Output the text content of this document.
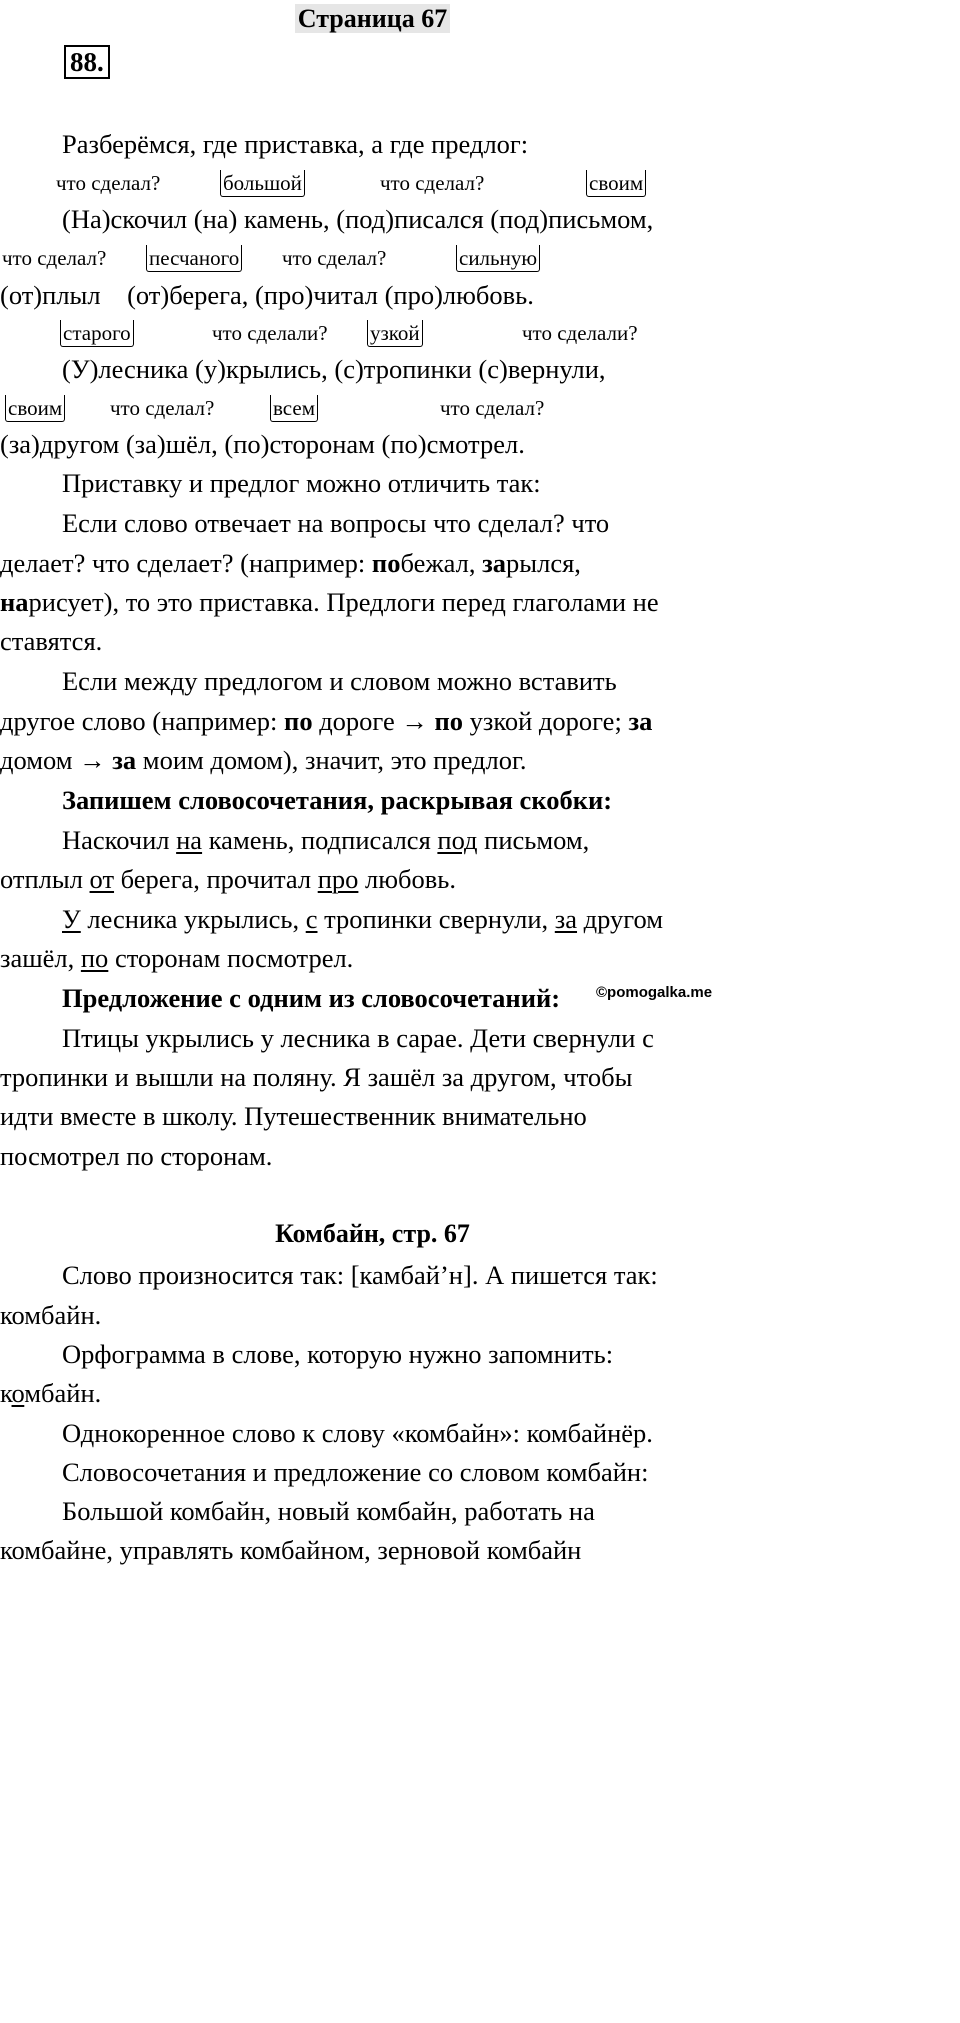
Страница 67
88.
Разберёмся, где приставка, а где предлог:
что сделал?	большой	что сделал?	своим
(На)скочил (на) камень, (под)писался (под)письмом,
что сделал? песчаного что сделал?	сильную
(от)плыл    (от)берега, (про)читал (про)любовь.
старого	что сделали? узкой	что сделали?
(У)лесника (у)крылись, (с)тропинки (с)вернули,
своим что сделал?	всем	что сделал?
(за)другом (за)шёл, (по)сторонам (по)смотрел.
Приставку и предлог можно отличить так:
Если слово отвечает на вопросы что сделал? что
делает? что сделает? (например: побежал, зарылся,
нарисует), то это приставка. Предлоги перед глаголами не
ставятся.
Если между предлогом и словом можно вставить
другое слово (например: по дороге → по узкой дороге; за
домом → за моим домом), значит, это предлог.
Запишем словосочетания, раскрывая скобки:
Наскочил на камень, подписался под письмом,
отплыл от берега, прочитал про любовь.
У лесника укрылись, с тропинки свернули, за другом
зашёл, по сторонам посмотрел.
©pomogalka.me
Предложение с одним из словосочетаний:
Птицы укрылись у лесника в сарае. Дети свернули с
тропинки и вышли на поляну. Я зашёл за другом, чтобы
идти вместе в школу. Путешественник внимательно
посмотрел по сторонам.
Комбайн, стр. 67
Слово произносится так: [камбай’н]. А пишется так:
комбайн.
Орфограмма в слове, которую нужно запомнить:
комбайн.
Однокоренное слово к слову «комбайн»: комбайнёр.
Словосочетания и предложение со словом комбайн:
Большой комбайн, новый комбайн, работать на
комбайне, управлять комбайном, зерновой комбайн
